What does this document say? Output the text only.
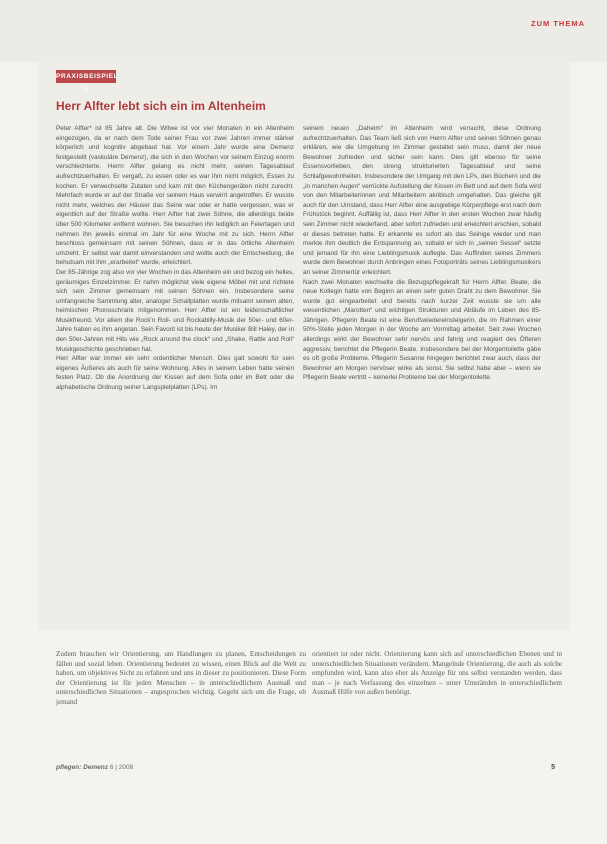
ZUM THEMA
PRAXISBEISPIEL 1
Herr Alfter lebt sich ein im Altenheim

Peter Alfter* ist 85 Jahre alt. Die Witwe ist vor vier Monaten in ein Altenheim eingezogen, da er nach dem Tode seiner Frau vor zwei Jahren immer stärker körperlich und kognitiv abgebaut hat. Vor einem Jahr wurde eine Demenz festgestellt (vaskuläre Demenz), die sich in den Wochen vor seinem Einzug enorm verschlechterte. Herrn Alfter gelang es nicht mehr, seinen Tagesablauf aufrechtzuerhalten. Er vergaß, zu essen oder es war ihm nicht möglich, Essen zu kochen. Er verwechselte Zutaten und kam mit den Küchengeräten nicht zurecht. Mehrfach wurde er auf der Straße vor seinem Haus verwirrt angetroffen. Er wusste nicht mehr, welches der Häuser das Seine war oder er hatte vergessen, was er eigentlich auf der Straße wollte. Herr Alfter hat zwei Söhne, die allerdings beide über 500 Kilometer entfernt wohnen. Sie besuchen ihn lediglich an Feiertagen und nehmen ihn jeweils einmal im Jahr für eine Woche mit zu sich. Herrn Alfter beschloss gemeinsam mit seinen Söhnen, dass er in das örtliche Altenheim umzieht. Er selbst war damit einverstanden und wollte auch der Entscheidung, die behutsam mit ihm „erarbeitet“ wurde, erleichtert.

Der 85-Jährige zog also vor vier Wochen in das Altenheim ein und bezog ein helles, geräumiges Einzelzimmer. Er nahm möglichst viele eigene Möbel mit und richtete sich sein Zimmer gemeinsam mit seinen Söhnen ein. Insbesondere seine umfangreiche Sammlung alter, analoger Schallplatten wurde mitsamt seinem alten, heimischen Phonoschrank mitgenommen. Herr Alfter ist ein leidenschaftlicher Musikfreund. Vor allem die Rock'n Roll- und Rockabilly-Musik der 50er- und 60er-Jahre haben es ihm angetan. Sein Favorit ist bis heute der Musiker Bill Haley, der in den 50er-Jahren mit Hits wie „Rock around the clock“ und „Shake, Rattle and Roll“ Musikgeschichte geschrieben hat.

Herr Alfter war immer ein sehr ordentlicher Mensch. Dies galt sowohl für sein eigenes Äußeres als auch für seine Wohnung. Alles in seinem Leben hatte seinen festen Platz. Ob die Anordnung der Kissen auf dem Sofa oder im Bett oder die alphabetische Ordnung seiner Langspielplatten (LPs). Im

seinem neuen „Daheim“ im Altenheim wird versucht, diese Ordnung aufrechtzuerhalten. Das Team ließ sich von Herrn Alfter und seinen Söhnen genau erklären, wie die Umgebung im Zimmer gestaltet sein muss, damit der neue Bewohner zufrieden und sicher sein kann. Dies gilt ebenso für seine Essensvorlieben, den streng strukturierten Tagesablauf und seine Schlafgewohnheiten. Insbesondere der Umgang mit den LPs, den Büchern und die „in manchen Augen“ verrückte Aufstellung der Kissen im Bett und auf dem Sofa wird von den Mitarbeiterinnen und Mitarbeitern akribisch umgehalten. Das gleiche gilt auch für den Umstand, dass Herr Alfter eine ausgiebige Körperpflege erst nach dem Frühstück beginnt. Auffällig ist, dass Herr Alfter in den ersten Wochen zwar häufig sein Zimmer nicht wiederfand, aber sofort zufrieden und erleichtert erschien, sobald er dieses betreten hatte. Er erkannte es sofort als das Seinige wieder und man merkte ihm deutlich die Entspannung an, sobald er sich in „seinen Sessel“ setzte und jemand für ihn eine Lieblingsmusik auflegte. Das Auffinden seines Zimmers wurde dem Bewohner durch Anbringen eines Fotoporträts seines Lieblingsmusikers an seiner Zimmertür erleichtert.

Nach zwei Monaten wechselte die Bezugspflegekraft für Herrn Alfter. Beate, die neue Kollegin hatte von Beginn an einen sehr guten Draht zu dem Bewohner. Sie wurde gut eingearbeitet und bereits nach kurzer Zeit wusste sie um alle wesentlichen „Marotten“ und wichtigen Strukturen und Abläufe im Leben des 85-Jährigen. Pflegerin Beate ist eine Berufswiedereinsteigerin, die im Rahmen einer 50%-Stelle jeden Morgen in der Woche am Vormittag arbeitet. Seit zwei Wochen allerdings wirkt der Bewohner sehr nervös und fahrig und reagiert des Öfteren aggressiv, berichtet die Pflegerin Beate. Insbesondere bei der Morgentoilette gäbe es oft große Probleme. Pflegerin Susanne hingegen berichtet zwar auch, dass der Bewohner am Morgen nervöser wirke als sonst. Sie selbst habe aber – wenn sie Pflegerin Beate vertritt – keinerlei Probleme bei der Morgentoilette.

Zudem brauchen wir Orientierung, um Handlungen zu planen, Entscheidungen zu fällen und sozial leben. Orientierung bedeutet zu wissen, einen Blick auf die Welt zu haben, um objektives Sicht zu erfahren und uns in dieser zu positionieren. Diese Form der Orientierung ist für jeden Menschen – in unterschiedlichem Ausmaß und unterschiedlichen Situationen – angesprochen wichtig. Gegeht sich um die Frage, ob jemand
orientiert ist oder nicht. Orientierung kann sich auf unterschiedlichen Ebenen und in unterschiedlichen Situationen verändern. Mangelnde Orientierung, die auch als solche empfunden wird, kann also eher als Anzeige für uns selbst verstanden werden, dass man – je nach Verfassung des einzelnen – unter Umständen in unterschiedlichem Ausmaß Hilfe von außen benötigt.
pflegen: Demenz 6 | 2008	5
